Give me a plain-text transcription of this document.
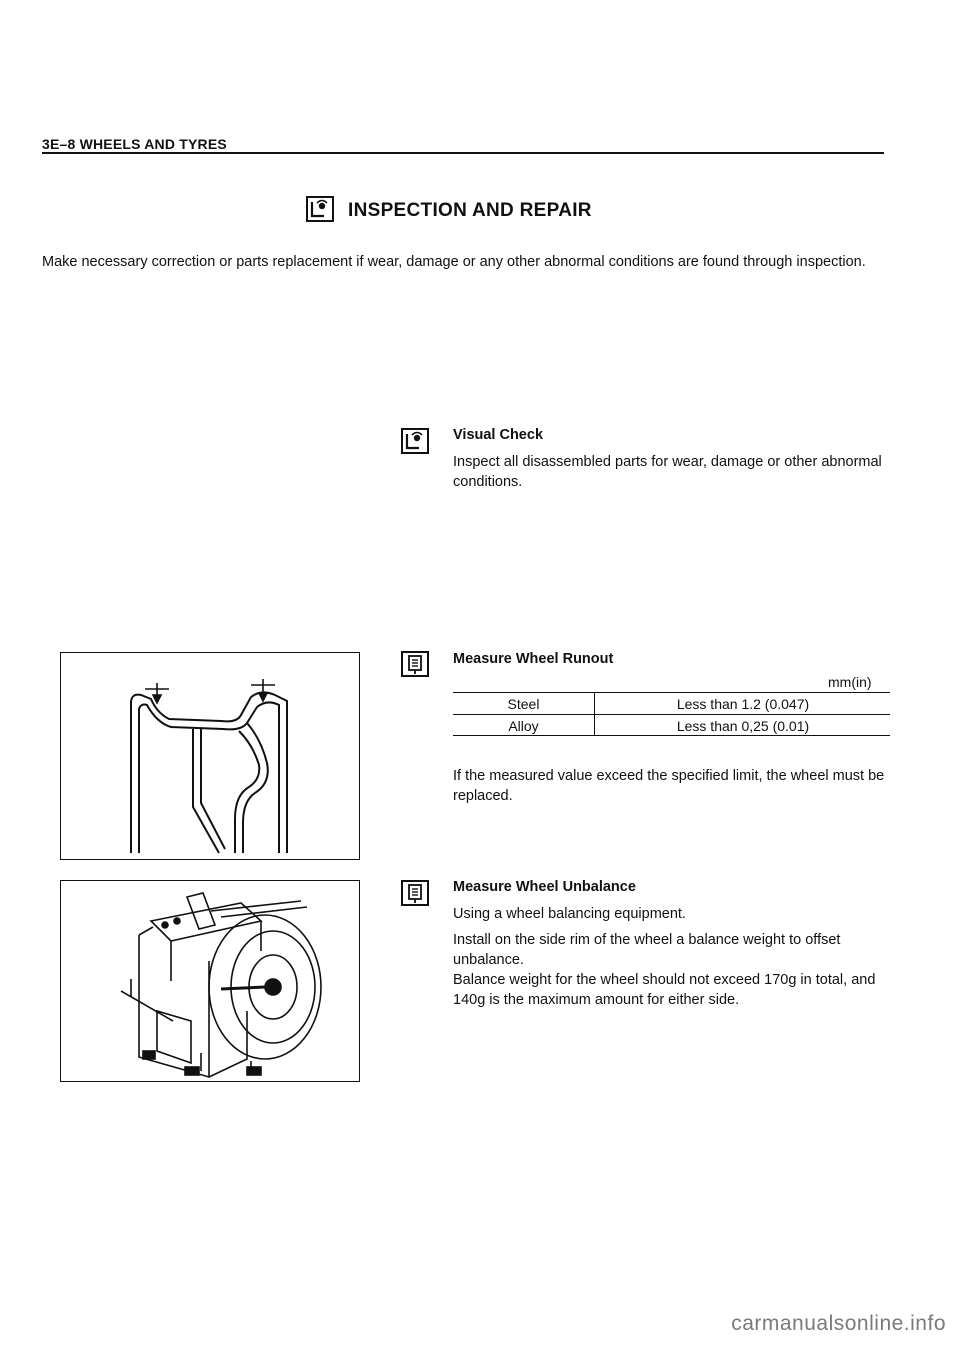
3E–8 WHEELS AND TYRES
INSPECTION AND REPAIR
Make necessary correction or parts replacement if wear, damage or any other abnormal conditions are found through inspection.
Visual Check
Inspect all disassembled parts for wear, damage or other abnormal conditions.
Measure Wheel Runout
mm(in)
Steel	Less than 1.2 (0.047)
Alloy	Less than 0,25 (0.01)
If the measured value exceed the specified limit, the wheel must be replaced.
Measure Wheel Unbalance
Using a wheel balancing equipment.
Install on the side rim of the wheel a balance weight to offset unbalance.
Balance weight for the wheel should not exceed 170g in total, and 140g is the maximum amount for either side.
carmanualsonline.info
